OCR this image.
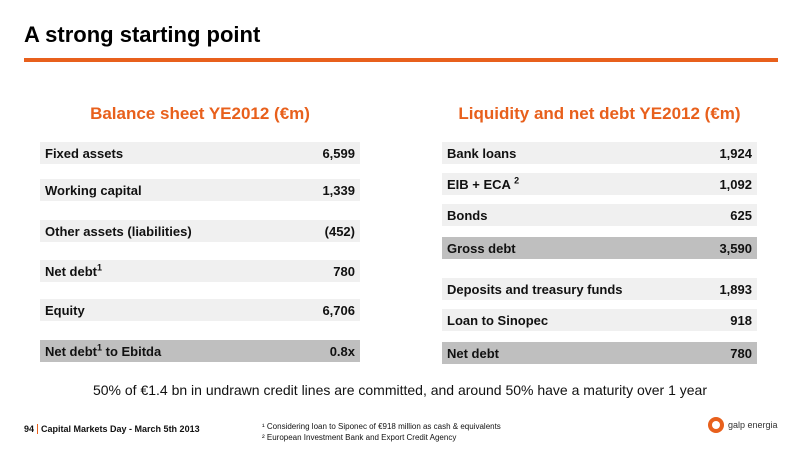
A strong starting point
Balance sheet YE2012 (€m)
Fixed assets	6,599
Working capital	1,339
Other assets (liabilities)	(452)
Net debt$^1$	780
Equity	6,706
Net debt$^1$ to Ebitda	0.8x
Liquidity and net debt YE2012 (€m)
Bank loans	1,924
EIB + ECA $^2$	1,092
Bonds	625
Gross debt	3,590
Deposits and treasury funds	1,893
Loan to Sinopec	918
Net debt	780
50% of €1.4 bn in undrawn credit lines are committed, and around 50% have a maturity over 1 year
94 Capital Markets Day - March 5th 2013	¹ Considering loan to Siponec of €918 million as cash & equivalents
² European Investment Bank and Export Credit Agency
galp energia
